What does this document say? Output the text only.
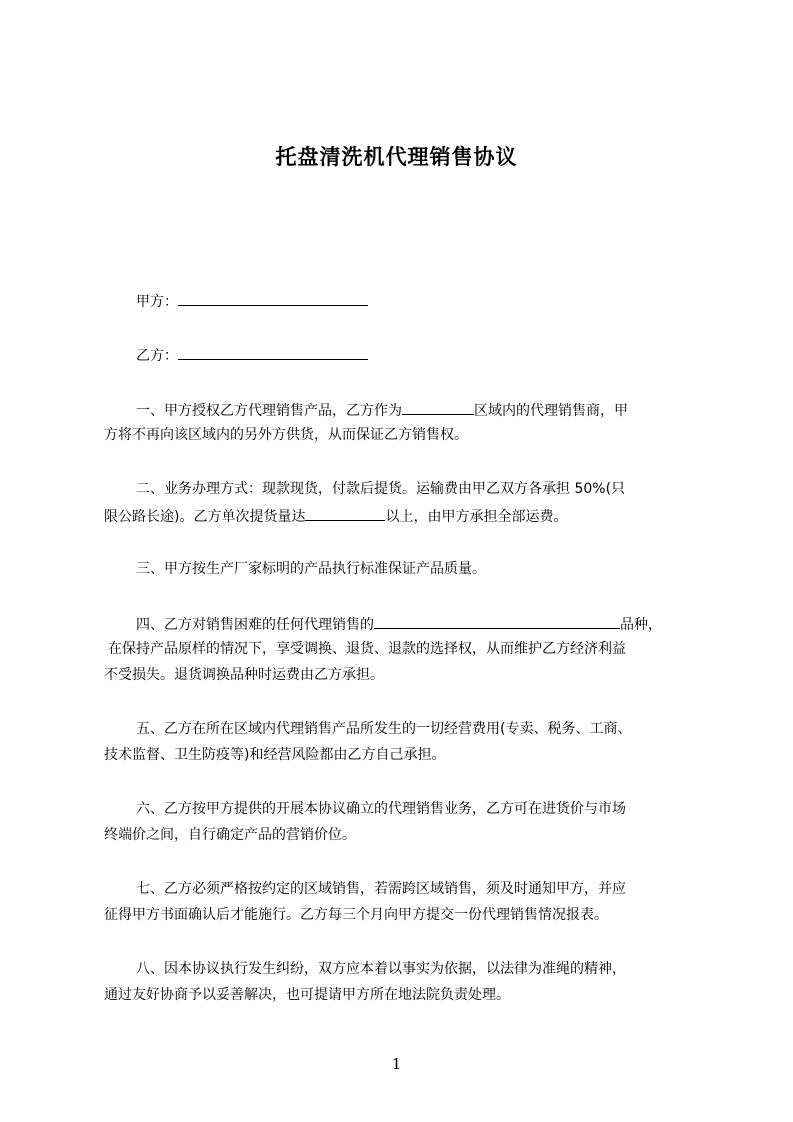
托盘清洗机代理销售协议
甲方：
乙方：
一、甲方授权乙方代理销售产品，乙方作为	区域内的代理销售商，甲
方将不再向该区域内的另外方供货，从而保证乙方销售权。
二、业务办理方式：现款现货，付款后提货。运输费由甲乙双方各承担 50%(只
限公路长途)。乙方单次提货量达	以上，由甲方承担全部运费。
三、甲方按生产厂家标明的产品执行标准保证产品质量。
四、乙方对销售困难的任何代理销售的	品种，
在保持产品原样的情况下，享受调换、退货、退款的选择权，从而维护乙方经济利益
不受损失。退货调换品种时运费由乙方承担。
五、乙方在所在区域内代理销售产品所发生的一切经营费用(专卖、税务、工商、
技术监督、卫生防疫等)和经营风险都由乙方自己承担。
六、乙方按甲方提供的开展本协议确立的代理销售业务，乙方可在进货价与市场
终端价之间，自行确定产品的营销价位。
七、乙方必须严格按约定的区域销售，若需跨区域销售，须及时通知甲方，并应
征得甲方书面确认后才能施行。乙方每三个月向甲方提交一份代理销售情况报表。
八、因本协议执行发生纠纷，双方应本着以事实为依据，以法律为准绳的精神，
通过友好协商予以妥善解决，也可提请甲方所在地法院负责处理。
1
